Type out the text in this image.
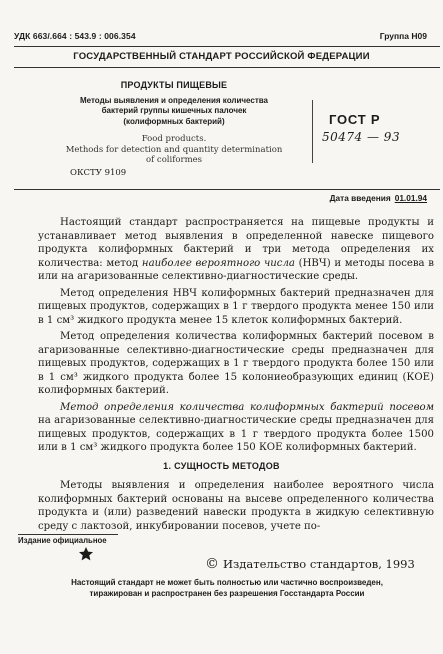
УДК 663/.664 : 543.9 : 006.354	Группа Н09
ГОСУДАРСТВЕННЫЙ СТАНДАРТ РОССИЙСКОЙ ФЕДЕРАЦИИ
ПРОДУКТЫ ПИЩЕВЫЕ
Методы выявления и определения количества
бактерий группы кишечных палочек
(колиформных бактерий)
Food products.
Methods for detection and quantity determination
of coliformes
ОКСТУ 9109
ГОСТ Р
50474 — 93
Дата введения 01.01.94

Настоящий стандарт распространяется на пищевые продукты и устанавливает метод выявления в определенной навеске пищевого продукта колиформных бактерий и три метода определения их количества: метод наиболее вероятного числа (НВЧ) и методы посева в или на агаризованные селективно-диагностические среды.

Метод определения НВЧ колиформных бактерий предназначен для пищевых продуктов, содержащих в 1 г твердого продукта менее 150 или в 1 см³ жидкого продукта менее 15 клеток колиформных бактерий.

Метод определения количества колиформных бактерий посевом в агаризованные селективно-диагностические среды предназначен для пищевых продуктов, содержащих в 1 г твердого продукта более 150 или в 1 см³ жидкого продукта более 15 колониеобразующих единиц (КОЕ) колиформных бактерий.

Метод определения количества колиформных бактерий посевом на агаризованные селективно-диагностические среды предназначен для пищевых продуктов, содержащих в 1 г твердого продукта более 1500 или в 1 см³ жидкого продукта более 150 КОЕ колиформных бактерий.

1. СУЩНОСТЬ МЕТОДОВ

Методы выявления и определения наиболее вероятного числа колиформных бактерий основаны на высеве определенного количества продукта и (или) разведений навески продукта в жидкую селективную среду с лактозой, инкубировании посевов, учете по-

Издание официальное
© Издательство стандартов, 1993
Настоящий стандарт не может быть полностью или частично воспроизведен,
тиражирован и распространен без разрешения Госстандарта России
